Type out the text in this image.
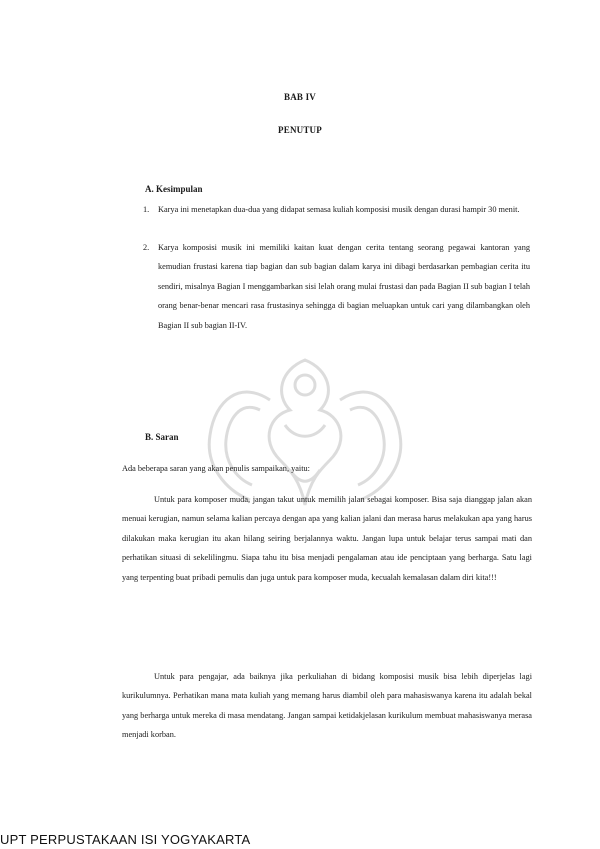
BAB IV
PENUTUP
A. Kesimpulan
1. Karya ini menetapkan dua-dua yang didapat semasa kuliah komposisi musik dengan durasi hampir 30 menit.

2. Karya komposisi musik ini memiliki kaitan kuat dengan cerita tentang seorang pegawai kantoran yang kemudian frustasi karena tiap bagian dan sub bagian dalam karya ini dibagi berdasarkan pembagian cerita itu sendiri, misalnya Bagian I menggambarkan sisi lelah orang mulai frustasi dan pada Bagian II sub bagian I telah orang benar-benar mencari rasa frustasinya sehingga di bagian meluapkan untuk cari yang dilambangkan oleh Bagian II sub bagian II-IV.

B. Saran

Ada beberapa saran yang akan penulis sampaikan, yaitu:

Untuk para komposer muda, jangan takut untuk memilih jalan sebagai komposer. Bisa saja dianggap jalan akan menuai kerugian, namun selama kalian percaya dengan apa yang kalian jalani dan merasa harus melakukan apa yang harus dilakukan maka kerugian itu akan hilang seiring berjalannya waktu. Jangan lupa untuk belajar terus sampai mati dan perhatikan situasi di sekelilingmu. Siapa tahu itu bisa menjadi pengalaman atau ide penciptaan yang berharga. Satu lagi yang terpenting buat pribadi pemulis dan juga untuk para komposer muda, kecualah kemalasan dalam diri kita!!!

Untuk para pengajar, ada baiknya jika perkuliahan di bidang komposisi musik bisa lebih diperjelas lagi kurikulumnya. Perhatikan mana mata kuliah yang memang harus diambil oleh para mahasiswanya karena itu adalah bekal yang berharga untuk mereka di masa mendatang. Jangan sampai ketidakjelasan kurikulum membuat mahasiswanya merasa menjadi korban.

UPT PERPUSTAKAAN ISI YOGYAKARTA
